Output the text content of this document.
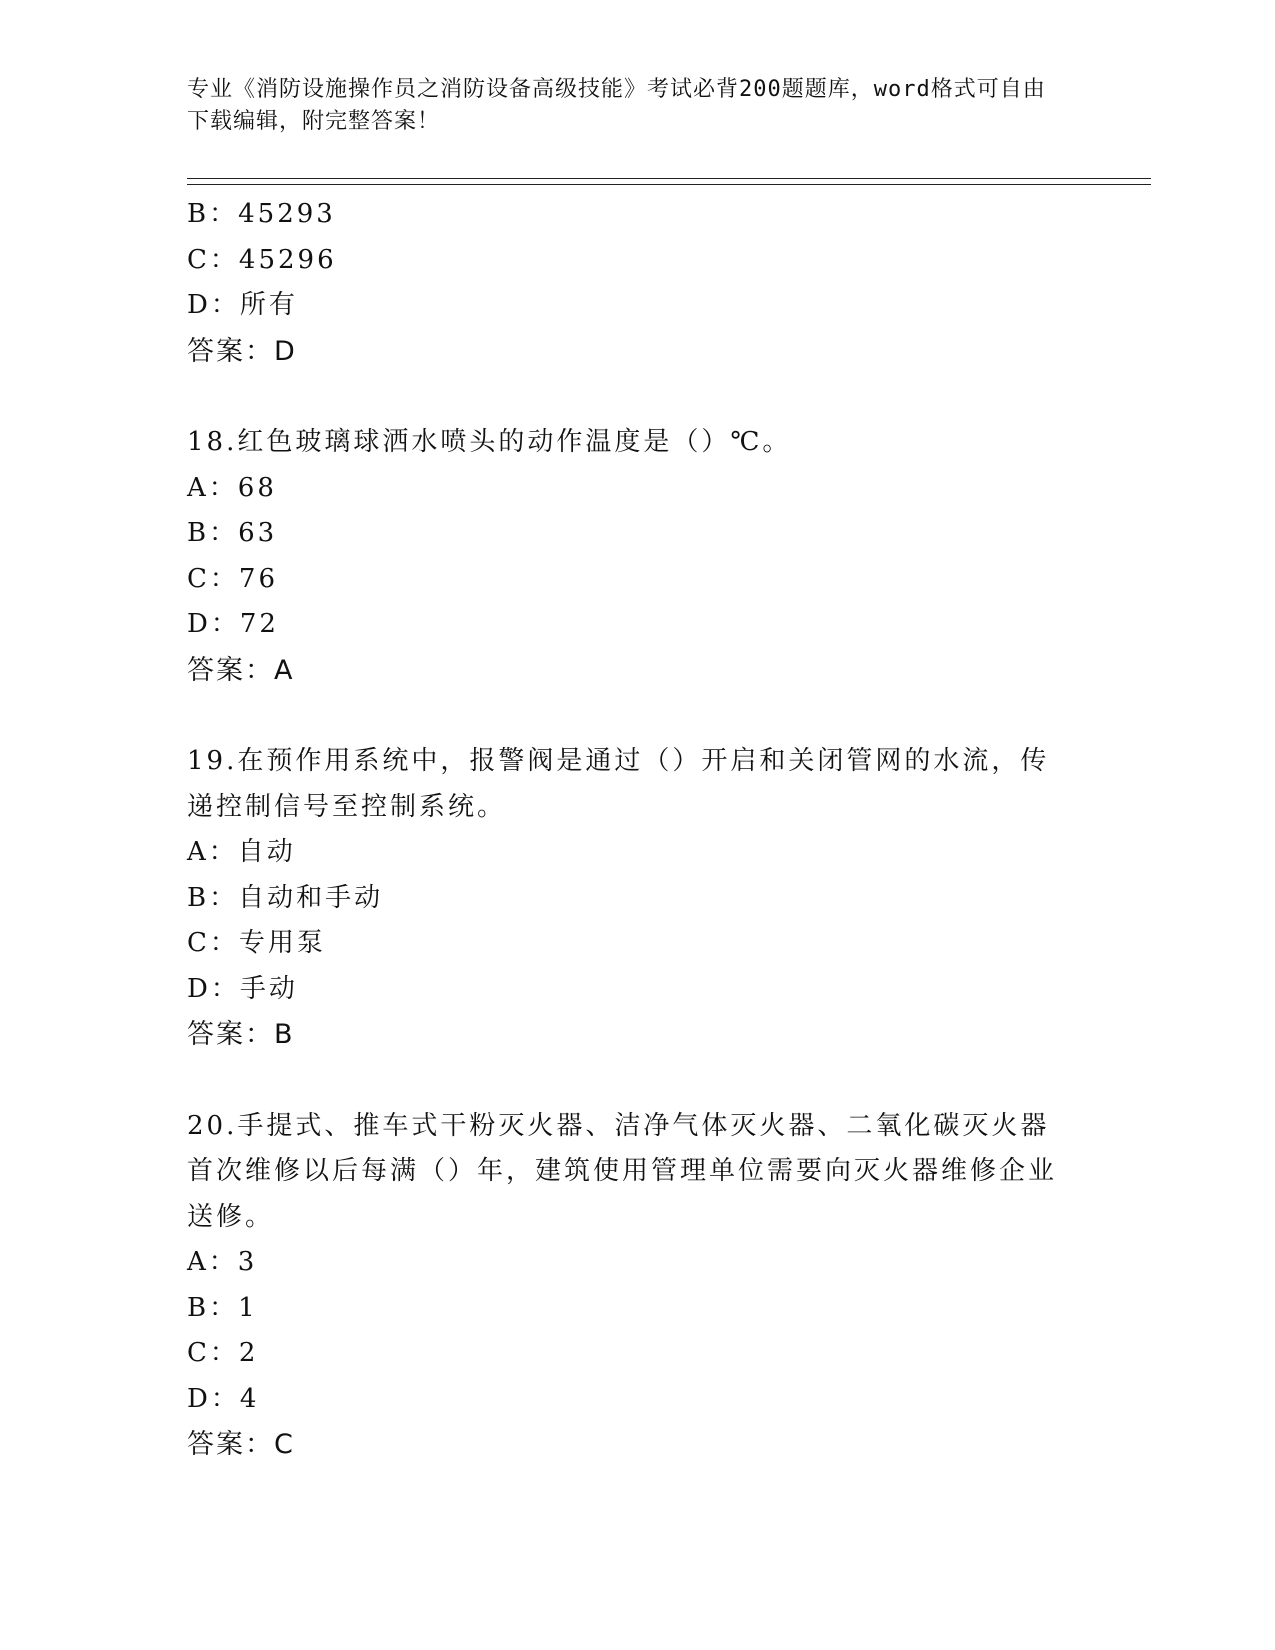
专业《消防设施操作员之消防设备高级技能》考试必背200题题库，word格式可自由下载编辑，附完整答案！
B：45293
C：45296
D：所有
答案：D
18.红色玻璃球洒水喷头的动作温度是（）℃。
A：68
B：63
C：76
D：72
答案：A
19.在预作用系统中，报警阀是通过（）开启和关闭管网的水流，传递控制信号至控制系统。
A：自动
B：自动和手动
C：专用泵
D：手动
答案：B
20.手提式、推车式干粉灭火器、洁净气体灭火器、二氧化碳灭火器首次维修以后每满（）年，建筑使用管理单位需要向灭火器维修企业送修。
A：3
B：1
C：2
D：4
答案：C
